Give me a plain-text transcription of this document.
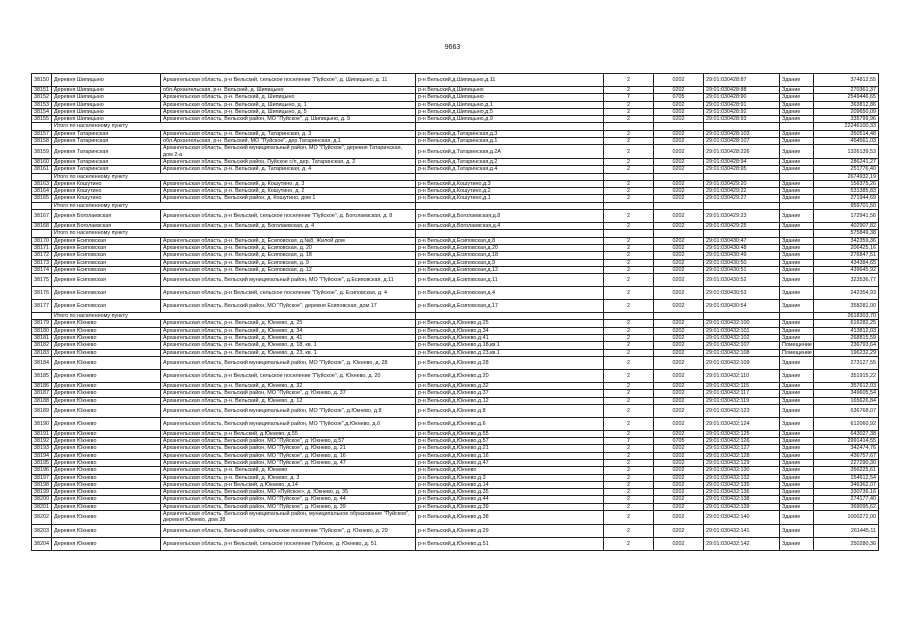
9663
38150	Деревня Шипицыно	Архангельская область, р-н Вельский, сельское поселение "Пуйское", д. Шипицыно, д. 11	р-н Вельский,д.Шипицыно,д.11	2	0202	29:01:030428:87	Здание	374812,55
38151	Деревня Шипицыно	обл.Архангельская, р-н. Вельский, д. Шипицыно	р-н Вельский,д.Шипицыно	2	0202	29:01:030428:88	Здание	270361,37
38152	Деревня Шипицыно	Архангельская область, р-н. Вельский, д. Шипицыно	р-н Вельский,д.Шипицыно	7	0705	29:01:030428:90	Здание	2549446,65
38153	Деревня Шипицыно	Архангельская область, р-н. Вельский, д. Шипицыно, д. 1	р-н Вельский,д.Шипицыно,д.1	2	0202	29:01:030428:91	Здание	363812,86
38154	Деревня Шипицыно	Архангельская область, р-н. Вельский, д. Шипицыно, д. 5	р-н Вельский,д.Шипицыно,д.5	2	0202	29:01:030428:92	Здание	209650,09
38155	Деревня Шипицыно	Архангельская область, Вельский район, МО "Пуйское", д. Шипицыно, д. 9	р-н Вельский,д.Шипицыно,д.9	2	0202	29:01:030428:93	Здание	335799,96
	Итого по населенному пункту							22246100,33
38157	Деревня Татаринская	Архангельская область, р-н. Вельский, д. Татаринская, д. 3	р-н Вельский,д.Татаринская,д.3	2	0202	29:01:030428:103	Здание	350514,48
38158	Деревня Татаринская	обл.Архангельская, р-н. Вельский, МО "Пуйское", дер.Татаринская, д.1	р-н Вельский,д.Татаринская,д.1	2	0202	29:01:030428:107	Здание	454561,03
38159	Деревня Татаринская	Архангельская область, Вельский муниципальный район, МО "Пуйское", деревня Татаринская, дом 2-а	р-н Вельский,д.Татаринская,д.2А	2	0202	29:01:030428:226	Здание	1326139,53
38160	Деревня Татаринская	Архангельская область, Вельский район, Пуйское с/п, дер. Татаринская, д. 2	р-н Вельский,д.Татаринская,д.2	2	0202	29:01:030428:94	Здание	286241,27
38161	Деревня Татаринская	Архангельская область, р-н. Вельский, д. Татаринская, д. 4	р-н Вельский,д.Татаринская,д.4	2	0202	29:01:030428:95	Здание	251776,40
	Итого по населенному пункту							2674932,19
38163	Деревня Кошутино	Архангельская область, р-н. Вельский, д. Кошутино, д. 3	р-н Вельский,д.Кошутино,д.3	2	0202	29:01:030429:20	Здание	156375,26
38164	Деревня Кошутино	Архангельская область, р-н. Вельский, д. Кошутино, д. 2	р-н Вельский,д.Кошутино,д.2	2	0202	29:01:030429:22	Здание	531385,83
38165	Деревня Кошутино	Архангельская область, Вельский район, д. Кошутино, дом 1	р-н Вельский,д.Кошутино,д.1	2	0202	29:01:030429:27	Здание	271944,69
	Итого по населенному пункту							959701,50
38167	Деревня Боголаевская	Архангельская область, р-н Вельский, сельское поселение "Пуйское", д. Боголаевская, д. 8	р-н Вельский,д.Боголаевская,д.8	2	0202	29:01:030429:23	Здание	172941,56
38168	Деревня Боголаевская	Архангельская область, р-н. Вельский, д. Боголаевская, д. 4	р-н Вельский,д.Боголаевская,д.4	2	0202	29:01:030429:25	Здание	402907,82
	Итого по населенному пункту							575849,38
38170	Деревня Есиповская	Архангельская область, р-н. Вельский, д. Есиповская, д.№8, Жилой дом	р-н Вельский,д.Есиповская,д.8	2	0202	29:01:030430:47	Здание	342359,36
38171	Деревня Есиповская	Архангельская область, р-н. Вельский, д. Есиповская, д. 20	р-н Вельский,д.Есиповская,д.20	2	0202	29:01:030430:48	Здание	206425,16
38172	Деревня Есиповская	Архангельская область, р-н. Вельский, д. Есиповская, д. 18	р-н Вельский,д.Есиповская,д.18	2	0202	29:01:030430:49	Здание	276847,51
38173	Деревня Есиповская	Архангельская область, р-н. Вельский, д. Есиповская, д. 9	р-н Вельский,д.Есиповская,д.9	2	0202	29:01:030430:50	Здание	434384,65
38174	Деревня Есиповская	Архангельская область, р-н. Вельский, д. Есиповская, д. 12	р-н Вельский,д.Есиповская,д.12	2	0202	29:01:030430:51	Здание	439645,92
38175	Деревня Есиповская	Архангельская область, Вельский муниципальный район, МО "Пуйское", д.Есиповская, д.11	р-н Вельский,д.Есиповская,д.11	2	0202	29:01:030430:52	Здание	323536,77
38176	Деревня Есиповская	Архангельская область, р-н Вельский, сельское поселение "Пуйское", д. Есиповская, д. 4	р-н Вельский,д.Есиповская,д.4	2	0202	29:01:030430:53	Здание	242354,93
38177	Деревня Есиповская	Архангельская область, Вельский район, МО "Пуйское", деревня Есиповская, дом 17	р-н Вельский,д.Есиповская,д.17	2	0202	29:01:030430:54	Здание	358281,00
	Итого по населенному пункту							2618303,70
38179	Деревня Юкнево	Архангельская область, р-н. Вельский, д. Юкнево, д. 25	р-н Вельский,д.Юкнево,д.25	2	0202	29:01:030432:100	Здание	616282,25
38180	Деревня Юкнево	Архангельская область, р-н. Вельский, д. Юкнево, д. 34	р-н Вельский,д.Юкнево,д.34	2	0202	29:01:030432:101	Здание	413812,03
38181	Деревня Юкнево	Архангельская область, р-н. Вельский, д. Юкнево, д. 41	р-н Вельский,д.Юкнево,д.41	2	0202	29:01:030432:102	Здание	268815,59
38182	Деревня Юкнево	Архангельская область, р-н. Вельский, д. Юкнево, д. 18, кв. 1	р-н Вельский,д.Юкнево,д.18,кв.1	2	0202	29:01:030432:107	Помещение	236793,64
38183	Деревня Юкнево	Архангельская область, р-н. Вельский, д. Юкнево, д. 23, кв. 1	р-н Вельский,д.Юкнево,д.23,кв.1	2	0202	29:01:030432:108	Помещение	196232,29
38184	Деревня Юкнево	Архангельская область, Вельский муниципальный район, МО "Пуйское", д. Юкнево, д. 28	р-н Вельский,д.Юкнево,д.28	2	0202	29:01:030432:109	Здание	273127,55
38185	Деревня Юкнево	Архангельская область, р-н Вельский, сельское поселение "Пуйское", д. Юкнево, д. 20	р-н Вельский,д.Юкнево,д.20	2	0202	29:01:030432:110	Здание	351915,22
38186	Деревня Юкнево	Архангельская область, р-н. Вельский, д. Юкнево, д. 32	р-н Вельский,д.Юкнево,д.32	2	0202	29:01:030432:115	Здание	357612,03
38187	Деревня Юкнево	Архангельская область, Вельский район, МО "Пуйское", д. Юкнево, д. 37	р-н Вельский,д.Юкнево,д.37	2	0202	29:01:030432:117	Здание	349605,54
38188	Деревня Юкнево	Архангельская область, р-н. Вельский, д. Юкнево, д. 12	р-н Вельский,д.Юкнево,д.12	2	0202	29:01:030432:119	Здание	165626,84
38189	Деревня Юкнево	Архангельская область, Вельский муниципальный район, МО "Пуйское", д.Юкнево, д.8	р-н Вельский,д.Юкнево,д.8	2	0202	29:01:030432:123	Здание	636768,07
38190	Деревня Юкнево	Архангельская область, Вельский муниципальный район, МО "Пуйское",д.Юкнево, д.6	р-н Вельский,д.Юкнево,д.6	2	0202	29:01:030432:124	Здание	612060,92
38191	Деревня Юкнево	Архангельская область, р-н Вельский, д.Юкнево, д.55	р-н Вельский,д.Юкнево,д.55	2	0202	29:01:030432:125	Здание	643027,38
38192	Деревня Юкнево	Архангельская область, Вельский район, МО "Пуйское", д. Юкнево, д.57	р-н Вельский,д.Юкнево,д.57	7	0705	29:01:030432:126	Здание	2991414,55
38193	Деревня Юкнево	Архангельская область, Вельский район, МО "Пуйское", д. Юкнево, д. 21	р-н Вельский,д.Юкнево,д.21	2	0202	29:01:030432:127	Здание	342474,76
38194	Деревня Юкнево	Архангельская область, Вельский район, МО "Пуйское", д. Юкнево, д. 16	р-н Вельский,д.Юкнево,д.16	2	0202	29:01:030432:128	Здание	436757,67
38195	Деревня Юкнево	Архангельская область, Вельский район, МО "Пуйское", д. Юкнево, д. 47	р-н Вельский,д.Юкнево,д.47	2	0202	29:01:030432:129	Здание	227290,30
38196	Деревня Юкнево	Архангельская область, р-н. Вельский, д. Юкнево	р-н Вельский,д.Юкнево	2	0202	29:01:030432:130	Здание	356225,61
38197	Деревня Юкнево	Архангельская область, р-н. Вельский, д. Юкнево, д. 3	р-н Вельский,д.Юкнево,д.3	2	0202	29:01:030432:132	Здание	154612,54
38198	Деревня Юкнево	Архангельская область, р-н Вельский, д.Юкнево, д.14	р-н Вельский,д.Юкнево,д.14	2	0202	29:01:030432:135	Здание	346362,07
38199	Деревня Юкнево	Архангельская область, Вельский район, МО «Пуйское», д. Юкнево, д. 35	р-н Вельский,д.Юкнево,д.35	2	0202	29:01:030432:136	Здание	330736,16
38200	Деревня Юкнево	Архангельская область, Вельский район, МО "Пуйское", д. Юкнево, д. 44	р-н Вельский,д.Юкнево,д.44	2	0202	29:01:030432:138	Здание	274177,40
38201	Деревня Юкнево	Архангельская область, Вельский район, МО "Пуйское", д. Юкнево, д. 39	р-н Вельский,д.Юкнево,д.39	2	0202	29:01:030432:139	Здание	369095,62
38202	Деревня Юкнево	Архангельская область, Вельский муниципальный район, муниципальное образование "Пуйское", деревня Юкнево, дом 38	р-н Вельский,д.Юкнево,д.38	2	0202	29:01:030432:140	Здание	1000272,00
38203	Деревня Юкнево	Архангельская область, Вельский район, сельское поселение "Пуйское", д. Юкнево, д. 29	р-н Вельский,д.Юкнево,д.29	2	0202	29:01:030432:141	Здание	261445,11
38204	Деревня Юкнево	Архангельская область, р-н Вельский, сельское поселение Пуйское, д. Юкнево, д. 51	р-н Вельский,д.Юкнево,д.51	2	0202	29:01:030432:142	Здание	250280,36
